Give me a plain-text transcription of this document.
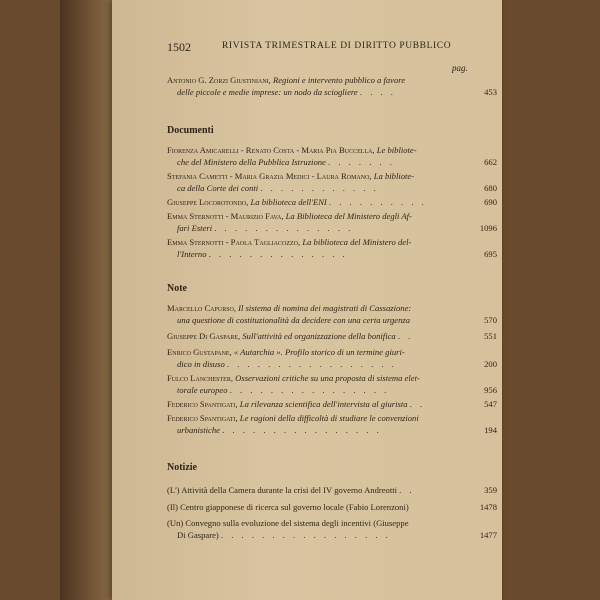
1502	RIVISTA TRIMESTRALE DI DIRITTO PUBBLICO
pag.
Antonio G. Zorzi Giustiniani, Regioni e intervento pubblico a favore
delle piccole e medie imprese: un nodo da sciogliere . . . .	453
Documenti
Fiorenza Amicarelli - Renato Costa - Maria Pia Buccella, Le bibliote-
che del Ministero della Pubblica Istruzione . . . . . . .	662
Stefania Cametti - Maria Grazia Medici - Laura Romano, La bibliote-
ca della Corte dei conti . . . . . . . . . . . .	680
Giuseppe Locorotondo, La biblioteca dell'ENI . . . . . . . . . .	690
Emma Sternotti - Maurizio Fava, La Biblioteca del Ministero degli Af-
fari Esteri . . . . . . . . . . . . . .	1096
Emma Sternotti - Paola Tagliacozzo, La biblioteca del Ministero del-
l'Interno . . . . . . . . . . . . . .	695
Note
Marcello Capurso, Il sistema di nomina dei magistrati di Cassazione:
una questione di costituzionalità da decidere con una certa urgenza	570
Giuseppe Di Gaspare, Sull'attività ed organizzazione della bonifica . .	551
Enrico Gustapane, « Autarchia ». Profilo storico di un termine giuri-
dico in disuso . . . . . . . . . . . . . . . . .	200
Fulco Lanchester, Osservazioni critiche su una proposta di sistema elet-
torale europeo . . . . . . . . . . . . . . . .	956
Federico Spantigati, La rilevanza scientifica dell'intervista al giurista . .	547
Federico Spantigati, Le ragioni della difficoltà di studiare le convenzioni
urbanistiche . . . . . . . . . . . . . . . .	194
Notizie
(L') Attività della Camera durante la crisi del IV governo Andreotti . .	359
(Il) Centro giapponese di ricerca sul governo locale (Fabio Lorenzoni)	1478
(Un) Convegno sulla evoluzione del sistema degli incentivi (Giuseppe
Di Gaspare) . . . . . . . . . . . . . . . . .	1477
